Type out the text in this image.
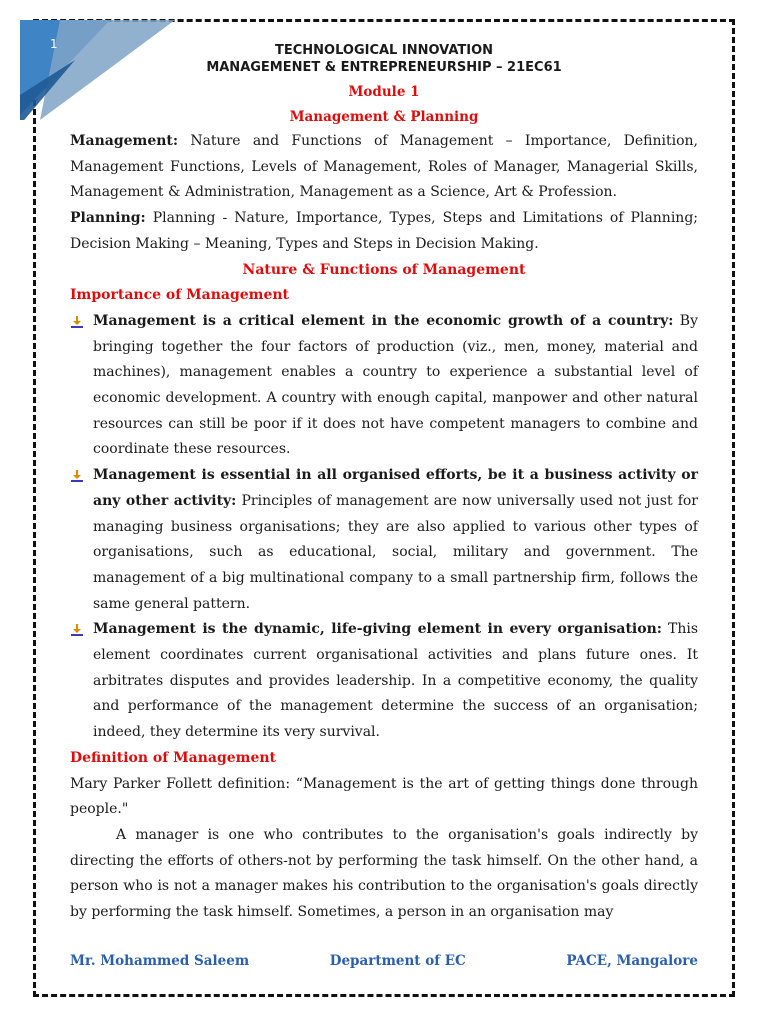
1	TECHNOLOGICAL INNOVATION
MANAGEMENET & ENTREPRENEURSHIP – 21EC61
Module 1
Management & Planning

Management: Nature and Functions of Management – Importance, Definition, Management Functions, Levels of Management, Roles of Manager, Managerial Skills, Management & Administration, Management as a Science, Art & Profession.

Planning: Planning - Nature, Importance, Types, Steps and Limitations of Planning; Decision Making – Meaning, Types and Steps in Decision Making.

Nature & Functions of Management
Importance of Management

Management is a critical element in the economic growth of a country: By bringing together the four factors of production (viz., men, money, material and machines), management enables a country to experience a substantial level of economic development. A country with enough capital, manpower and other natural resources can still be poor if it does not have competent managers to combine and coordinate these resources.

Management is essential in all organised efforts, be it a business activity or any other activity: Principles of management are now universally used not just for managing business organisations; they are also applied to various other types of organisations, such as educational, social, military and government. The management of a big multinational company to a small partnership firm, follows the same general pattern.

Management is the dynamic, life-giving element in every organisation: This element coordinates current organisational activities and plans future ones. It arbitrates disputes and provides leadership. In a competitive economy, the quality and performance of the management determine the success of an organisation; indeed, they determine its very survival.

Definition of Management

Mary Parker Follett definition: “Management is the art of getting things done through people."

A manager is one who contributes to the organisation's goals indirectly by directing the efforts of others-not by performing the task himself. On the other hand, a person who is not a manager makes his contribution to the organisation's goals directly by performing the task himself. Sometimes, a person in an organisation may

Mr. Mohammed Saleem	Department of EC	PACE, Mangalore
